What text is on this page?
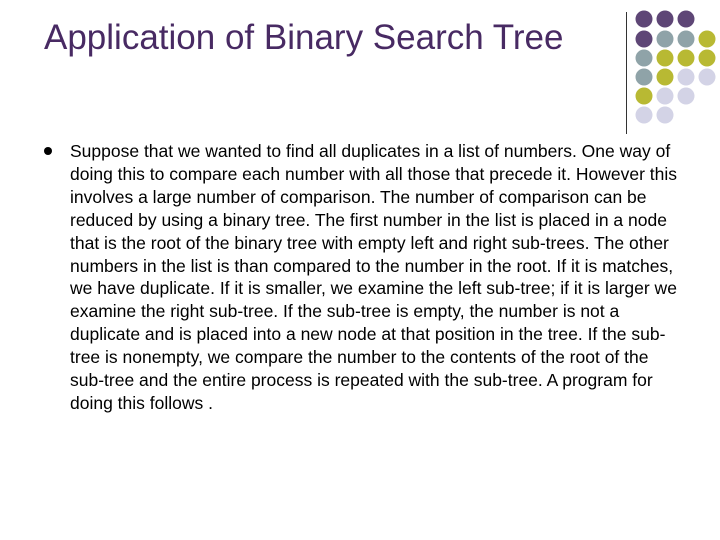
Application of Binary Search Tree
Suppose that we wanted to find all duplicates in a list of numbers. One way of doing this to compare each number with all those that precede it. However this involves a large number of comparison. The number of comparison can be reduced by using a binary tree. The first number in the list is placed in a node that is the root of the binary tree with empty left and right sub-trees. The other numbers in the list is than compared to the number in the root. If it is matches, we have duplicate. If it is smaller, we examine the left sub-tree; if it is larger we examine the right sub-tree. If the sub-tree is empty, the number is not a duplicate and is placed into a new node at that position in the tree. If the sub-tree is nonempty, we compare the number to the contents of the root of the sub-tree and the entire process is repeated with the sub-tree. A program for doing this follows .
